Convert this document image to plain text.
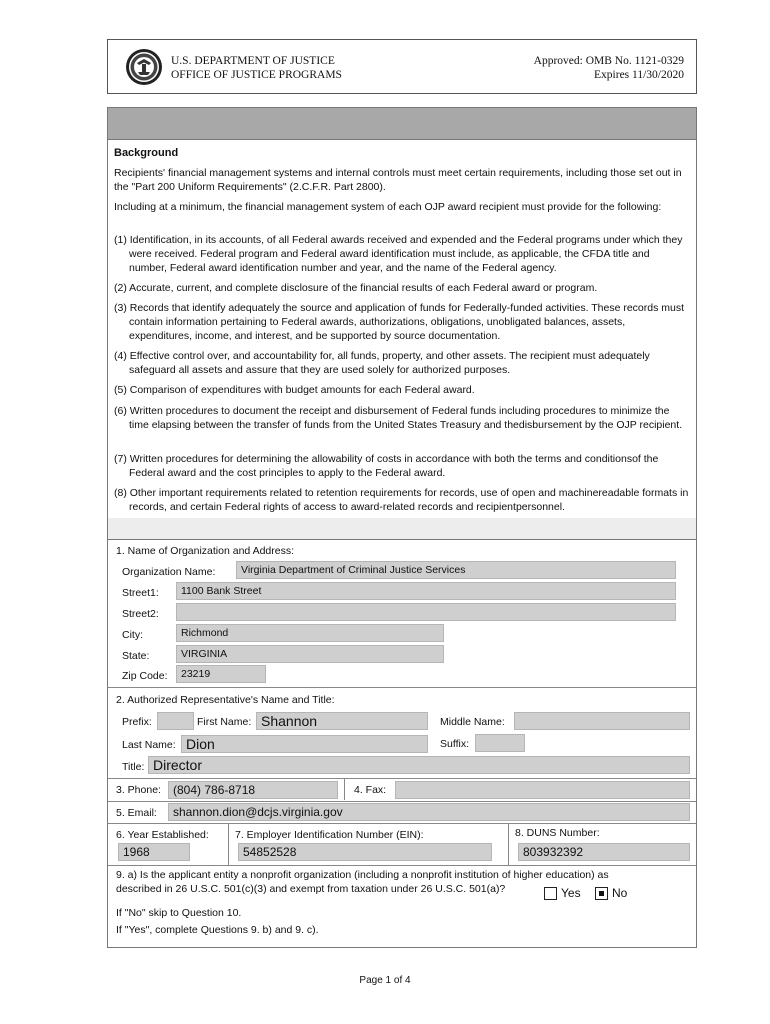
U.S. DEPARTMENT OF JUSTICE
OFFICE OF JUSTICE PROGRAMS
Approved: OMB No. 1121-0329
Expires 11/30/2020
Background

Recipients' financial management systems and internal controls must meet certain requirements, including those set out in the "Part 200 Uniform Requirements" (2.C.F.R. Part 2800).

Including at a minimum, the financial management system of each OJP award recipient must provide for the following:

(1) Identification, in its accounts, of all Federal awards received and expended and the Federal programs under which they were received. Federal program and Federal award identification must include, as applicable, the CFDA title and number, Federal award identification number and year, and the name of the Federal agency.

(2) Accurate, current, and complete disclosure of the financial results of each Federal award or program.

(3) Records that identify adequately the source and application of funds for Federally-funded activities. These records must contain information pertaining to Federal awards, authorizations, obligations, unobligated balances, assets, expenditures, income, and interest, and be supported by source documentation.

(4) Effective control over, and accountability for, all funds, property, and other assets. The recipient must adequately safeguard all assets and assure that they are used solely for authorized purposes.

(5) Comparison of expenditures with budget amounts for each Federal award.

(6) Written procedures to document the receipt and disbursement of Federal funds including procedures to minimize the time elapsing between the transfer of funds from the United States Treasury and thedisbursement by the OJP recipient.

(7) Written procedures for determining the allowability of costs in accordance with both the terms and conditionsof the Federal award and the cost principles to apply to the Federal award.

(8) Other important requirements related to retention requirements for records, use of open and machinereadable formats in records, and certain Federal rights of access to award-related records and recipientpersonnel.

1. Name of Organization and Address:
Organization Name:	Virginia Department of Criminal Justice Services
Street1:	1100 Bank Street
Street2:
City:	Richmond
State:	VIRGINIA
Zip Code:	23219
2. Authorized Representative's Name and Title:
Prefix:	First Name: Shannon	Middle Name:
Last Name: Dion	Suffix:
Title: Director
3. Phone:	(804) 786-8718	4. Fax:
5. Email:	shannon.dion@dcjs.virginia.gov
6. Year Established:
1968
7. Employer Identification Number (EIN):
54852528
8. DUNS Number:
803932392
9. a) Is the applicant entity a nonprofit organization (including a nonprofit institution of higher education) as
described in 26 U.S.C. 501(c)(3) and exempt from taxation under 26 U.S.C. 501(a)?	Yes	No
If "No" skip to Question 10.
If "Yes", complete Questions 9. b) and 9. c).
Page 1 of 4
